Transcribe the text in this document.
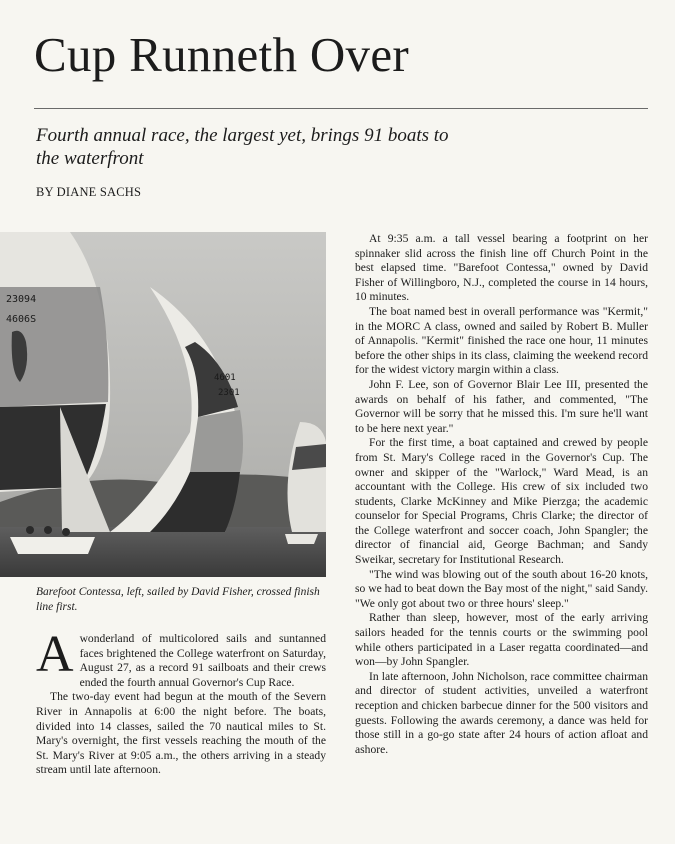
Cup Runneth Over

Fourth annual race, the largest yet, brings 91 boats to the waterfront

BY DIANE SACHS
23094
4606S
4601
2301
Barefoot Contessa, left, sailed by David Fisher, crossed finish line first.

Awonderland of multicolored sails and suntanned faces brightened the College waterfront on Saturday, August 27, as a record 91 sailboats and their crews ended the fourth annual Governor's Cup Race.

The two-day event had begun at the mouth of the Severn River in Annapolis at 6:00 the night before. The boats, divided into 14 classes, sailed the 70 nautical miles to St. Mary's overnight, the first vessels reaching the mouth of the St. Mary's River at 9:05 a.m., the others arriving in a steady stream until late afternoon.

At 9:35 a.m. a tall vessel bearing a footprint on her spinnaker slid across the finish line off Church Point in the best elapsed time. "Barefoot Contessa," owned by David Fisher of Willingboro, N.J., completed the course in 14 hours, 10 minutes.

The boat named best in overall performance was "Kermit," in the MORC A class, owned and sailed by Robert B. Muller of Annapolis. "Kermit" finished the race one hour, 11 minutes before the other ships in its class, claiming the weekend record for the widest victory margin within a class.

John F. Lee, son of Governor Blair Lee III, presented the awards on behalf of his father, and commented, "The Governor will be sorry that he missed this. I'm sure he'll want to be here next year."

For the first time, a boat captained and crewed by people from St. Mary's College raced in the Governor's Cup. The owner and skipper of the "Warlock," Ward Mead, is an accountant with the College. His crew of six included two students, Clarke McKinney and Mike Pierzga; the academic counselor for Special Programs, Chris Clarke; the director of the College waterfront and soccer coach, John Spangler; the director of financial aid, George Bachman; and Sandy Sweikar, secretary for Institutional Research.

"The wind was blowing out of the south about 16-20 knots, so we had to beat down the Bay most of the night," said Sandy. "We only got about two or three hours' sleep."

Rather than sleep, however, most of the early arriving sailors headed for the tennis courts or the swimming pool while others participated in a Laser regatta coordinated—and won—by John Spangler.

In late afternoon, John Nicholson, race committee chairman and director of student activities, unveiled a waterfront reception and chicken barbecue dinner for the 500 visitors and guests. Following the awards ceremony, a dance was held for those still in a go-go state after 24 hours of action afloat and ashore.
